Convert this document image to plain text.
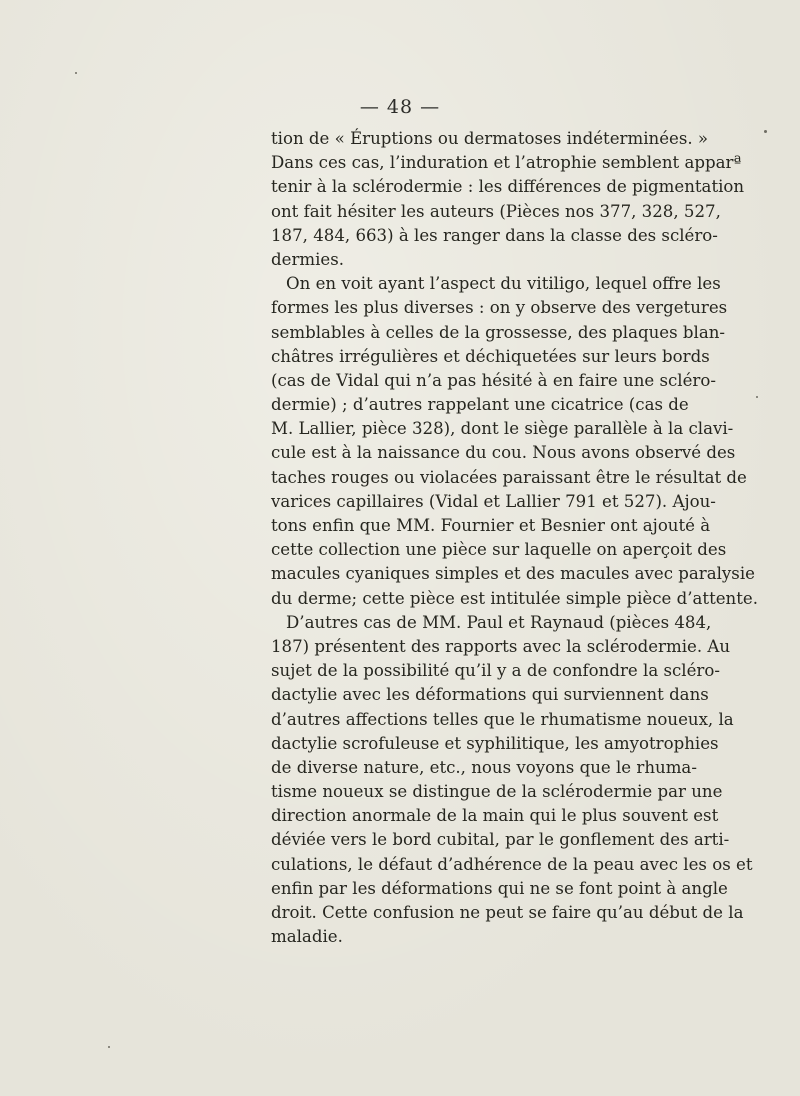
— 48 —
tion de « Éruptions ou dermatoses indéterminées. »
Dans ces cas, l’induration et l’atrophie semblent apparª
tenir à la sclérodermie : les différences de pigmentation
ont fait hésiter les auteurs (Pièces nos 377, 328, 527,
187, 484, 663) à les ranger dans la classe des scléro-
dermies.
On en voit ayant l’aspect du vitiligo, lequel offre les
formes les plus diverses : on y observe des vergetures
semblables à celles de la grossesse, des plaques blan-
châtres irrégulières et déchiquetées sur leurs bords
(cas de Vidal qui n’a pas hésité à en faire une scléro-
dermie) ; d’autres rappelant une cicatrice (cas de
M. Lallier, pièce 328), dont le siège parallèle à la clavi-
cule est à la naissance du cou. Nous avons observé des
taches rouges ou violacées paraissant être le résultat de
varices capillaires (Vidal et Lallier 791 et 527). Ajou-
tons enfin que MM. Fournier et Besnier ont ajouté à
cette collection une pièce sur laquelle on aperçoit des
macules cyaniques simples et des macules avec paralysie
du derme; cette pièce est intitulée simple pièce d’attente.
D’autres cas de MM. Paul et Raynaud (pièces 484,
187) présentent des rapports avec la sclérodermie. Au
sujet de la possibilité qu’il y a de confondre la scléro-
dactylie avec les déformations qui surviennent dans
d’autres affections telles que le rhumatisme noueux, la
dactylie scrofuleuse et syphilitique, les amyotrophies
de diverse nature, etc., nous voyons que le rhuma-
tisme noueux se distingue de la sclérodermie par une
direction anormale de la main qui le plus souvent est
déviée vers le bord cubital, par le gonflement des arti-
culations, le défaut d’adhérence de la peau avec les os et
enfin par les déformations qui ne se font point à angle
droit. Cette confusion ne peut se faire qu’au début de la
maladie.
